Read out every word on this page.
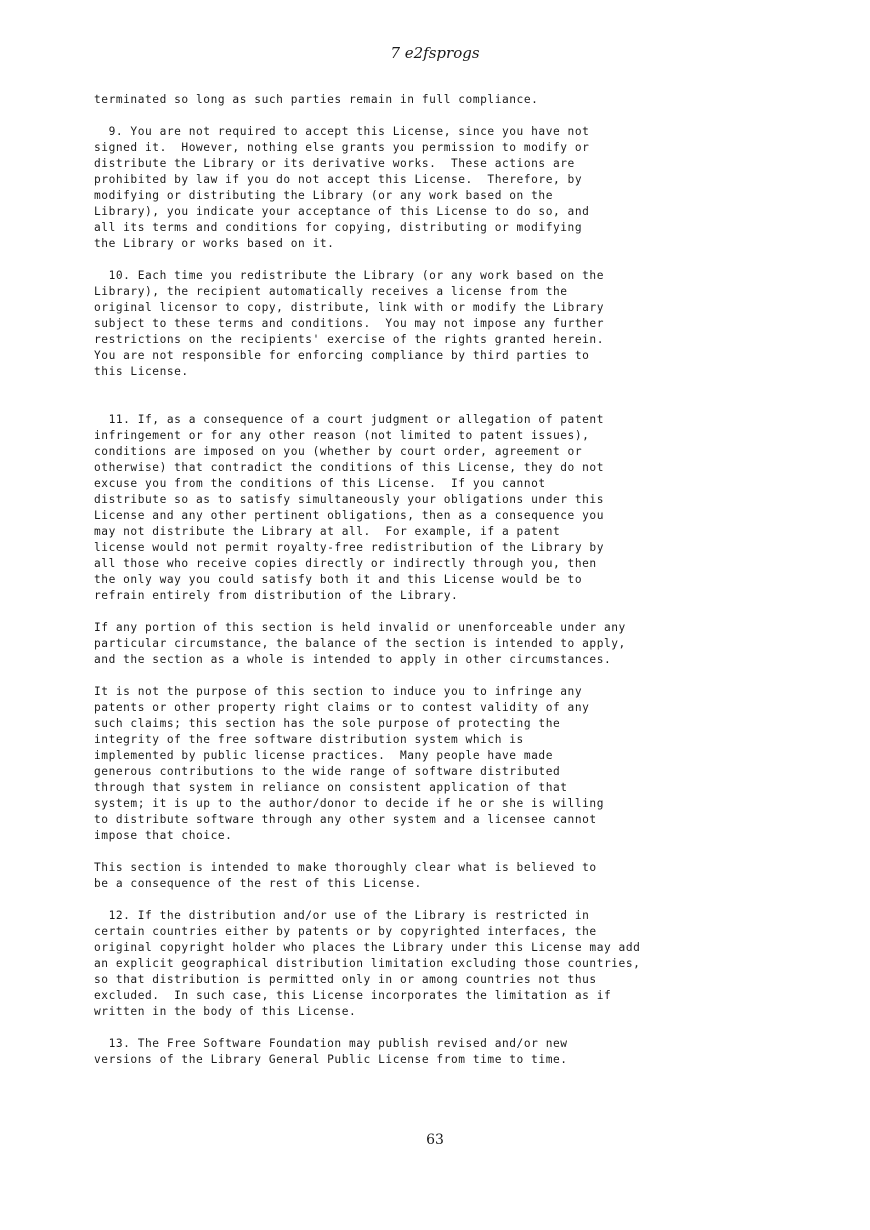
7 e2fsprogs
terminated so long as such parties remain in full compliance.
9. You are not required to accept this License, since you have not
signed it.  However, nothing else grants you permission to modify or
distribute the Library or its derivative works.  These actions are
prohibited by law if you do not accept this License.  Therefore, by
modifying or distributing the Library (or any work based on the
Library), you indicate your acceptance of this License to do so, and
all its terms and conditions for copying, distributing or modifying
the Library or works based on it.
10. Each time you redistribute the Library (or any work based on the
Library), the recipient automatically receives a license from the
original licensor to copy, distribute, link with or modify the Library
subject to these terms and conditions.  You may not impose any further
restrictions on the recipients' exercise of the rights granted herein.
You are not responsible for enforcing compliance by third parties to
this License.
11. If, as a consequence of a court judgment or allegation of patent
infringement or for any other reason (not limited to patent issues),
conditions are imposed on you (whether by court order, agreement or
otherwise) that contradict the conditions of this License, they do not
excuse you from the conditions of this License.  If you cannot
distribute so as to satisfy simultaneously your obligations under this
License and any other pertinent obligations, then as a consequence you
may not distribute the Library at all.  For example, if a patent
license would not permit royalty-free redistribution of the Library by
all those who receive copies directly or indirectly through you, then
the only way you could satisfy both it and this License would be to
refrain entirely from distribution of the Library.
If any portion of this section is held invalid or unenforceable under any
particular circumstance, the balance of the section is intended to apply,
and the section as a whole is intended to apply in other circumstances.
It is not the purpose of this section to induce you to infringe any
patents or other property right claims or to contest validity of any
such claims; this section has the sole purpose of protecting the
integrity of the free software distribution system which is
implemented by public license practices.  Many people have made
generous contributions to the wide range of software distributed
through that system in reliance on consistent application of that
system; it is up to the author/donor to decide if he or she is willing
to distribute software through any other system and a licensee cannot
impose that choice.
This section is intended to make thoroughly clear what is believed to
be a consequence of the rest of this License.
12. If the distribution and/or use of the Library is restricted in
certain countries either by patents or by copyrighted interfaces, the
original copyright holder who places the Library under this License may add
an explicit geographical distribution limitation excluding those countries,
so that distribution is permitted only in or among countries not thus
excluded.  In such case, this License incorporates the limitation as if
written in the body of this License.
13. The Free Software Foundation may publish revised and/or new
versions of the Library General Public License from time to time.
63
